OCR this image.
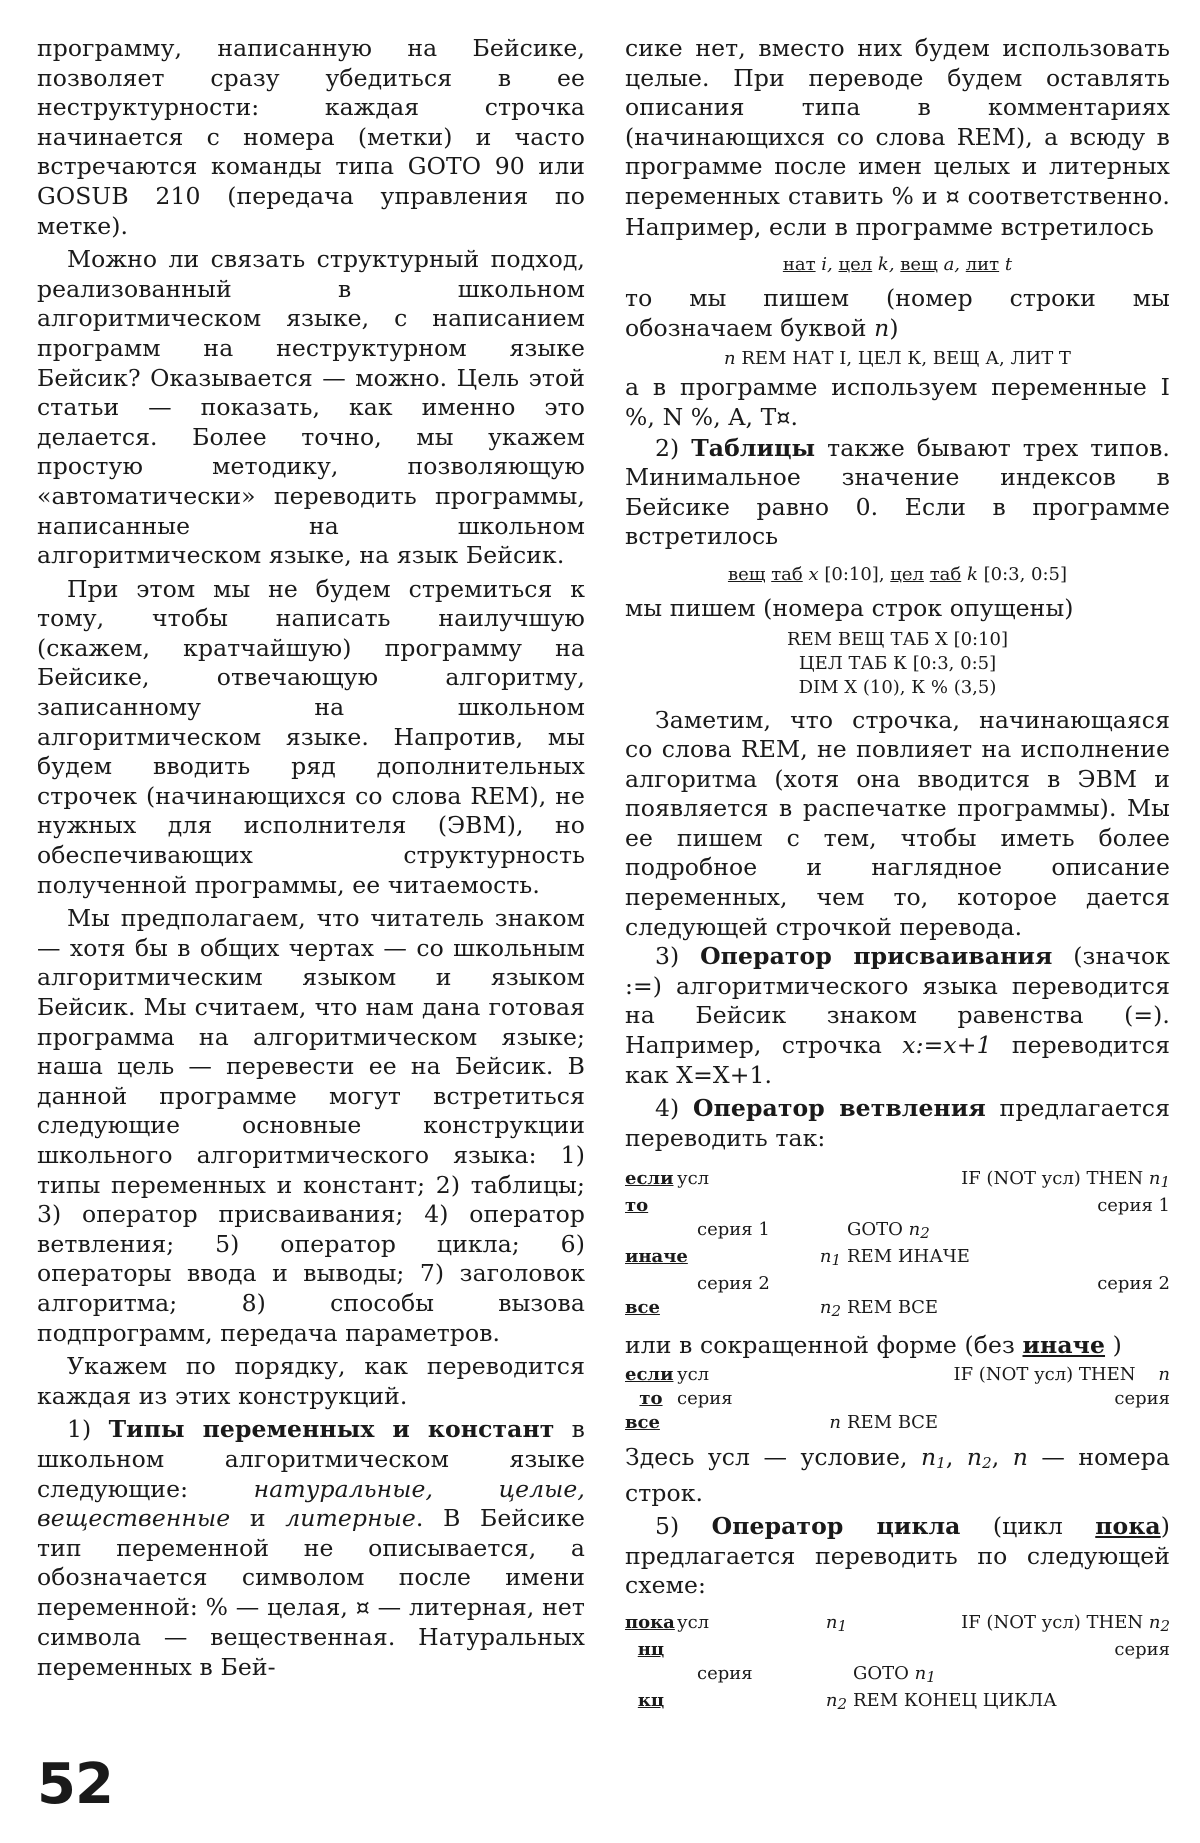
программу, написанную на Бейсике, позволяет сразу убедиться в ее неструктурности: каждая строчка начинается с номера (метки) и часто встречаются команды типа GOTO 90 или GOSUB 210 (передача управления по метке).

Можно ли связать структурный подход, реализованный в школьном алгоритмическом языке, с написанием программ на неструктурном языке Бейсик? Оказывается — можно. Цель этой статьи — показать, как именно это делается. Более точно, мы укажем простую методику, позволяющую «автоматически» переводить программы, написанные на школьном алгоритмическом языке, на язык Бейсик.

При этом мы не будем стремиться к тому, чтобы написать наилучшую (скажем, кратчайшую) программу на Бейсике, отвечающую алгоритму, записанному на школьном алгоритмическом языке. Напротив, мы будем вводить ряд дополнительных строчек (начинающихся со слова REM), не нужных для исполнителя (ЭВМ), но обеспечивающих структурность полученной программы, ее читаемость.

Мы предполагаем, что читатель знаком — хотя бы в общих чертах — со школьным алгоритмическим языком и языком Бейсик. Мы считаем, что нам дана готовая программа на алгоритмическом языке; наша цель — перевести ее на Бейсик. В данной программе могут встретиться следующие основные конструкции школьного алгоритмического языка: 1) типы переменных и констант; 2) таблицы; 3) оператор присваивания; 4) оператор ветвления; 5) оператор цикла; 6) операторы ввода и выводы; 7) заголовок алгоритма; 8) способы вызова подпрограмм, передача параметров.

Укажем по порядку, как переводится каждая из этих конструкций.

1) Типы переменных и констант в школьном алгоритмическом языке следующие: натуральные, целые, вещественные и литерные. В Бейсике тип переменной не описывается, а обозначается символом после имени переменной: % — целая, ¤ — литерная, нет символа — вещественная. Натуральных переменных в Бей-

сике нет, вместо них будем использовать целые. При переводе будем оставлять описания типа в комментариях (начинающихся со слова REM), а всюду в программе после имен целых и литерных переменных ставить % и ¤ соответственно. Например, если в программе встретилось

нат i, цел k, вещ a, лит t

то мы пишем (номер строки мы обозначаем буквой n)

n REM НАТ I, ЦЕЛ К, ВЕЩ А, ЛИТ Т

а в программе используем переменные I %, N %, A, T¤.

2) Таблицы также бывают трех типов. Минимальное значение индексов в Бейсике равно 0. Если в программе встретилось

вещ таб x [0:10], цел таб k [0:3, 0:5]

мы пишем (номера строк опущены)

REM ВЕЩ ТАБ Х [0:10]
ЦЕЛ ТАБ К [0:3, 0:5]
DIM X (10), К % (3,5)

Заметим, что строчка, начинающаяся со слова REM, не повлияет на исполнение алгоритма (хотя она вводится в ЭВМ и появляется в распечатке программы). Мы ее пишем с тем, чтобы иметь более подробное и наглядное описание переменных, чем то, которое дается следующей строчкой перевода.

3) Оператор присваивания (значок :=) алгоритмического языка переводится на Бейсик знаком равенства (=). Например, строчка x:=x+1 переводится как X=X+1.

4) Оператор ветвления предлагается переводить так:

если	усл		IF (NOT усл) THEN $n_1$
то				серия 1
	серия 1		GOTO $n_2$
иначе		$n_1$	REM ИНАЧЕ
	серия 2			серия 2
все		$n_2$	REM ВСЕ

или в сокращенной форме (без иначе )

если	усл		IF (NOT усл) THEN n
то	серия		серия
все		n	REM ВСЕ

Здесь усл — условие, $n_1$, $n_2$, n — номера строк.

5) Оператор цикла (цикл пока) предлагается переводить по следующей схеме:

пока	усл	$n_1$	IF (NOT усл) THEN $n_2$
нц			серия
	серия		GOTO $n_1$
кц		$n_2$	REM КОНЕЦ ЦИКЛА
52
